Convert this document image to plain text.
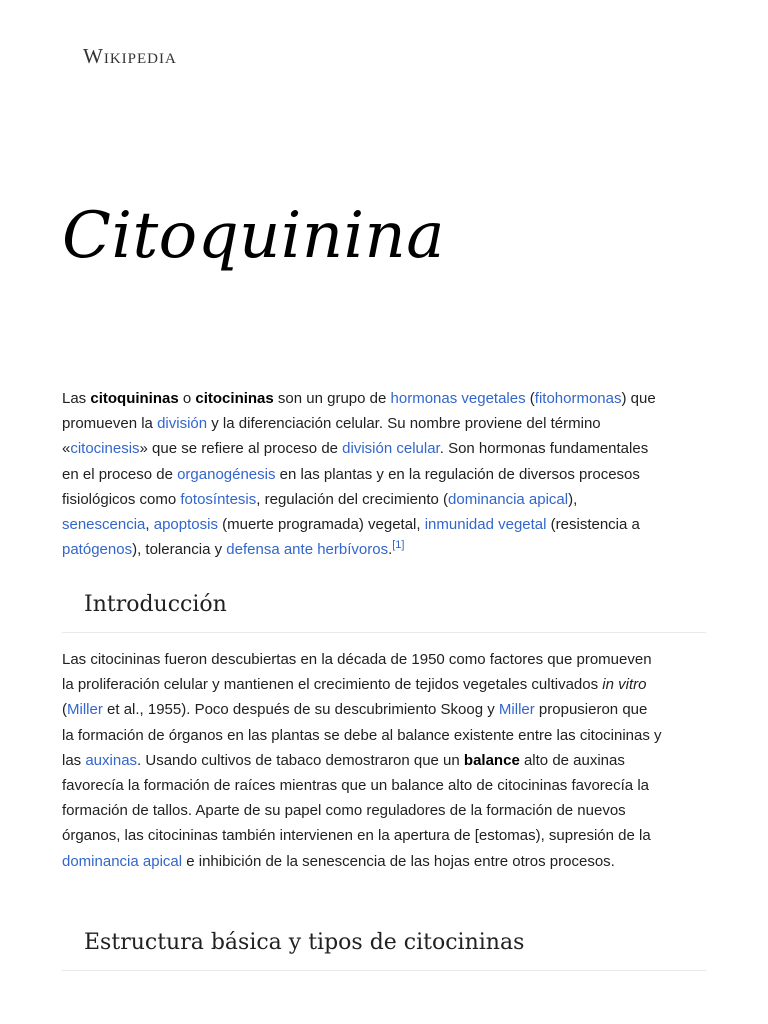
Wikipedia
Citoquinina

Las citoquininas o citocininas son un grupo de hormonas vegetales (fitohormonas) que promueven la división y la diferenciación celular. Su nombre proviene del término «citocinesis» que se refiere al proceso de división celular. Son hormonas fundamentales en el proceso de organogénesis en las plantas y en la regulación de diversos procesos fisiológicos como fotosíntesis, regulación del crecimiento (dominancia apical), senescencia, apoptosis (muerte programada) vegetal, inmunidad vegetal (resistencia a patógenos), tolerancia y defensa ante herbívoros.[1]

Introducción

Las citocininas fueron descubiertas en la década de 1950 como factores que promueven la proliferación celular y mantienen el crecimiento de tejidos vegetales cultivados in vitro (Miller et al., 1955). Poco después de su descubrimiento Skoog y Miller propusieron que la formación de órganos en las plantas se debe al balance existente entre las citocininas y las auxinas. Usando cultivos de tabaco demostraron que un balance alto de auxinas favorecía la formación de raíces mientras que un balance alto de citocininas favorecía la formación de tallos. Aparte de su papel como reguladores de la formación de nuevos órganos, las citocininas también intervienen en la apertura de [estomas), supresión de la dominancia apical e inhibición de la senescencia de las hojas entre otros procesos.

Estructura básica y tipos de citocininas
